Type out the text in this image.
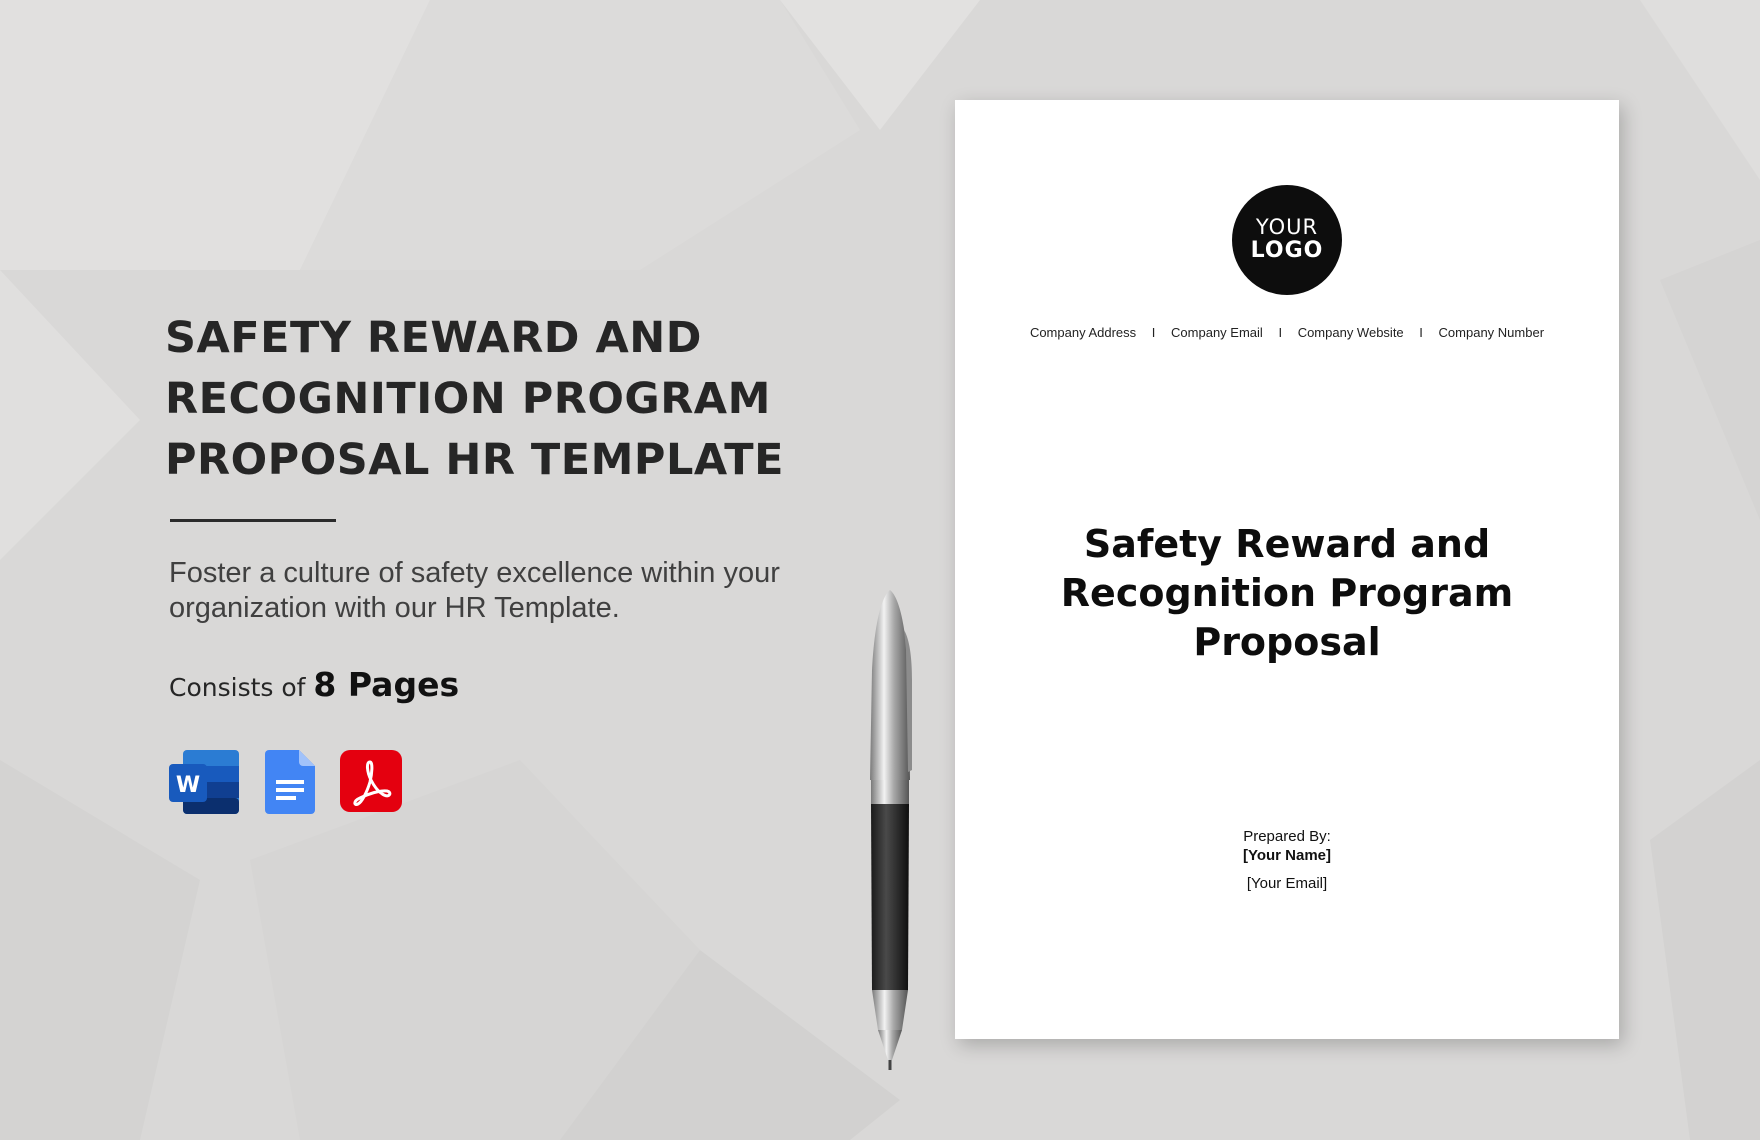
SAFETY REWARD AND
RECOGNITION PROGRAM
PROPOSAL HR TEMPLATE

Foster a culture of safety excellence within your organization with our HR Template.

Consists of 8 Pages
W
YOUR
LOGO
Company Address I Company Email I Company Website I Company Number
Safety Reward and
Recognition Program
Proposal
Prepared By:
[Your Name]
[Your Email]
